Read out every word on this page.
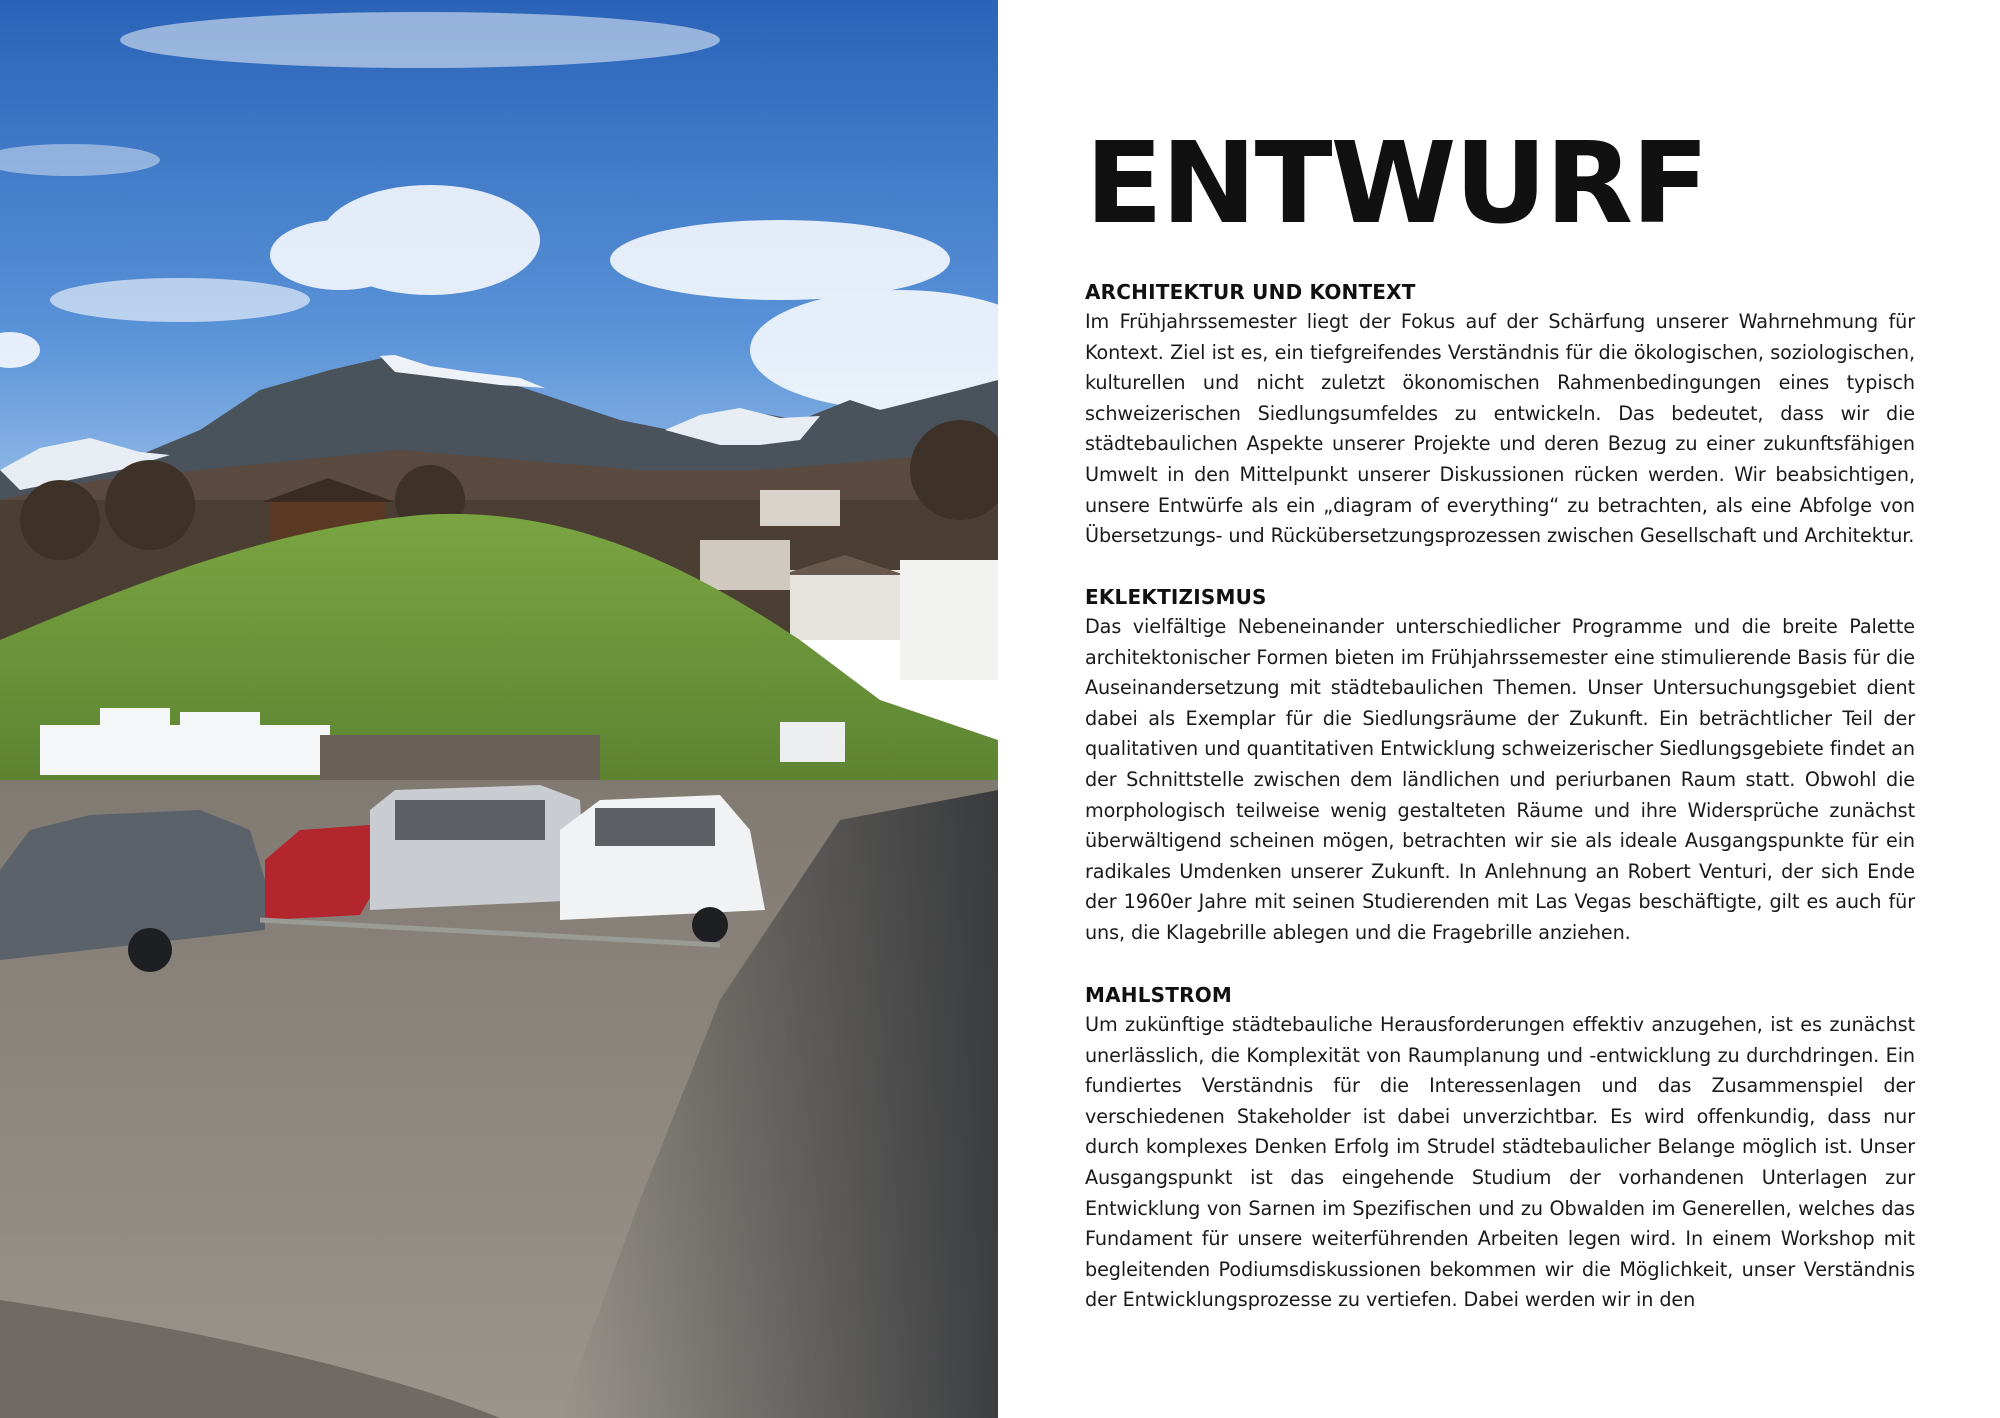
ENTWURF
ARCHITEKTUR UND KONTEXT

Im Frühjahrssemester liegt der Fokus auf der Schärfung unserer Wahrnehmung für Kontext. Ziel ist es, ein tiefgreifendes Verständnis für die ökologischen, soziologischen, kulturellen und nicht zuletzt ökonomischen Rahmenbedingungen eines typisch schweizerischen Siedlungsumfeldes zu entwickeln. Das bedeutet, dass wir die städtebaulichen Aspekte unserer Projekte und deren Bezug zu einer zukunftsfähigen Umwelt in den Mittelpunkt unserer Diskussionen rücken werden. Wir beabsichtigen, unsere Entwürfe als ein „diagram of everything“ zu betrachten, als eine Abfolge von Übersetzungs- und Rückübersetzungsprozessen zwischen Gesellschaft und Architektur.

EKLEKTIZISMUS

Das vielfältige Nebeneinander unterschiedlicher Programme und die breite Palette architektonischer Formen bieten im Frühjahrssemester eine stimulierende Basis für die Auseinandersetzung mit städtebaulichen Themen. Unser Untersuchungsgebiet dient dabei als Exemplar für die Siedlungsräume der Zukunft. Ein beträchtlicher Teil der qualitativen und quantitativen Entwicklung schweizerischer Siedlungsgebiete findet an der Schnittstelle zwischen dem ländlichen und periurbanen Raum statt. Obwohl die morphologisch teilweise wenig gestalteten Räume und ihre Widersprüche zunächst überwältigend scheinen mögen, betrachten wir sie als ideale Ausgangspunkte für ein radikales Umdenken unserer Zukunft. In Anlehnung an Robert Venturi, der sich Ende der 1960er Jahre mit seinen Studierenden mit Las Vegas beschäftigte, gilt es auch für uns, die Klagebrille ablegen und die Fragebrille anziehen.

MAHLSTROM

Um zukünftige städtebauliche Herausforderungen effektiv anzugehen, ist es zunächst unerlässlich, die Komplexität von Raumplanung und -entwicklung zu durchdringen. Ein fundiertes Verständnis für die Interessenlagen und das Zusammenspiel der verschiedenen Stakeholder ist dabei unverzichtbar. Es wird offenkundig, dass nur durch komplexes Denken Erfolg im Strudel städtebaulicher Belange möglich ist. Unser Ausgangspunkt ist das eingehende Studium der vorhandenen Unterlagen zur Entwicklung von Sarnen im Spezifischen und zu Obwalden im Generellen, welches das Fundament für unsere weiterführenden Arbeiten legen wird. In einem Workshop mit begleitenden Podiumsdiskussionen bekommen wir die Möglichkeit, unser Verständnis der Entwicklungsprozesse zu vertiefen. Dabei werden wir in den
